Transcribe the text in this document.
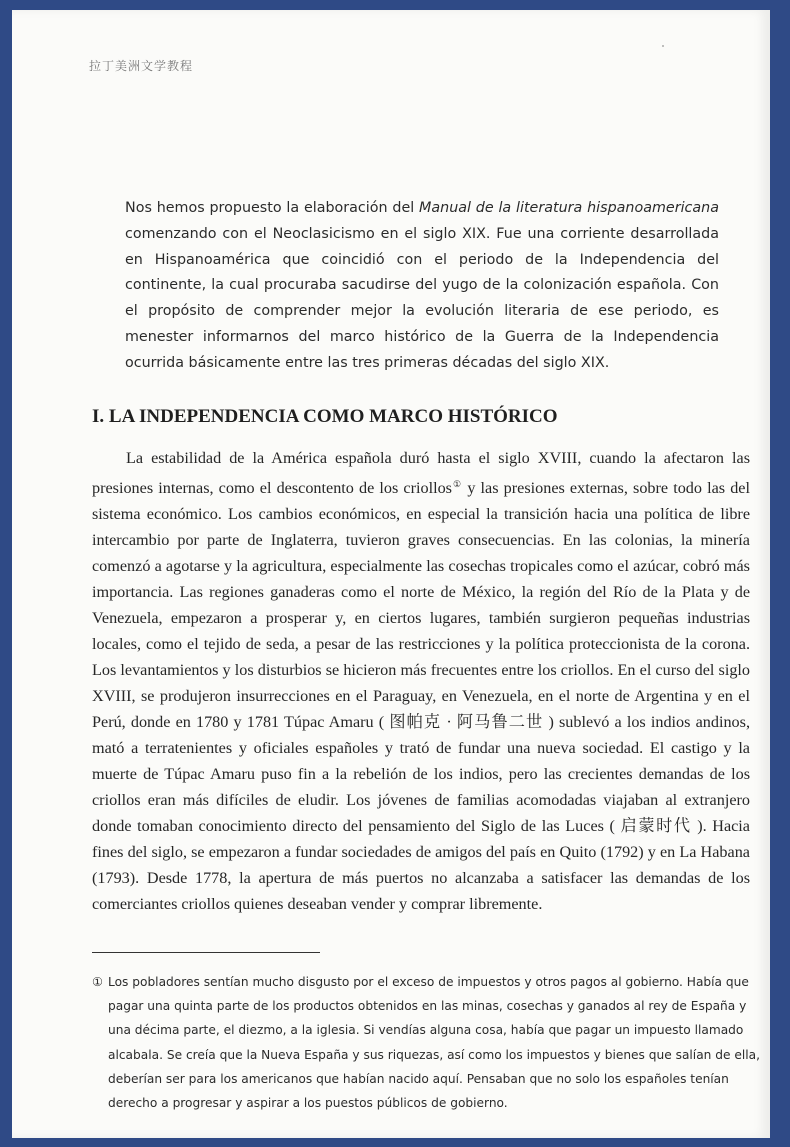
拉丁美洲文学教程

Nos hemos propuesto la elaboración del Manual de la literatura hispanoamericana comenzando con el Neoclasicismo en el siglo XIX. Fue una corriente desarrollada en Hispanoamérica que coincidió con el periodo de la Independencia del continente, la cual procuraba sacudirse del yugo de la colonización española. Con el propósito de comprender mejor la evolución literaria de ese periodo, es menester informarnos del marco histórico de la Guerra de la Independencia ocurrida básicamente entre las tres primeras décadas del siglo XIX.

I. LA INDEPENDENCIA COMO MARCO HISTÓRICO

La estabilidad de la América española duró hasta el siglo XVIII, cuando la afectaron las presiones internas, como el descontento de los criollos① y las presiones externas, sobre todo las del sistema económico. Los cambios económicos, en especial la transición hacia una política de libre intercambio por parte de Inglaterra, tuvieron graves consecuencias. En las colonias, la minería comenzó a agotarse y la agricultura, especialmente las cosechas tropicales como el azúcar, cobró más importancia. Las regiones ganaderas como el norte de México, la región del Río de la Plata y de Venezuela, empezaron a prosperar y, en ciertos lugares, también surgieron pequeñas industrias locales, como el tejido de seda, a pesar de las restricciones y la política proteccionista de la corona. Los levantamientos y los disturbios se hicieron más frecuentes entre los criollos. En el curso del siglo XVIII, se produjeron insurrecciones en el Paraguay, en Venezuela, en el norte de Argentina y en el Perú, donde en 1780 y 1781 Túpac Amaru ( 图帕克 · 阿马鲁二世 ) sublevó a los indios andinos, mató a terratenientes y oficiales españoles y trató de fundar una nueva sociedad. El castigo y la muerte de Túpac Amaru puso fin a la rebelión de los indios, pero las crecientes demandas de los criollos eran más difíciles de eludir. Los jóvenes de familias acomodadas viajaban al extranjero donde tomaban conocimiento directo del pensamiento del Siglo de las Luces ( 启蒙时代 ). Hacia fines del siglo, se empezaron a fundar sociedades de amigos del país en Quito (1792) y en La Habana (1793). Desde 1778, la apertura de más puertos no alcanzaba a satisfacer las demandas de los comerciantes criollos quienes deseaban vender y comprar libremente.

① Los pobladores sentían mucho disgusto por el exceso de impuestos y otros pagos al gobierno. Había que pagar una quinta parte de los productos obtenidos en las minas, cosechas y ganados al rey de España y una décima parte, el diezmo, a la iglesia. Si vendías alguna cosa, había que pagar un impuesto llamado alcabala. Se creía que la Nueva España y sus riquezas, así como los impuestos y bienes que salían de ella, deberían ser para los americanos que habían nacido aquí. Pensaban que no solo los españoles tenían derecho a progresar y aspirar a los puestos públicos de gobierno.
